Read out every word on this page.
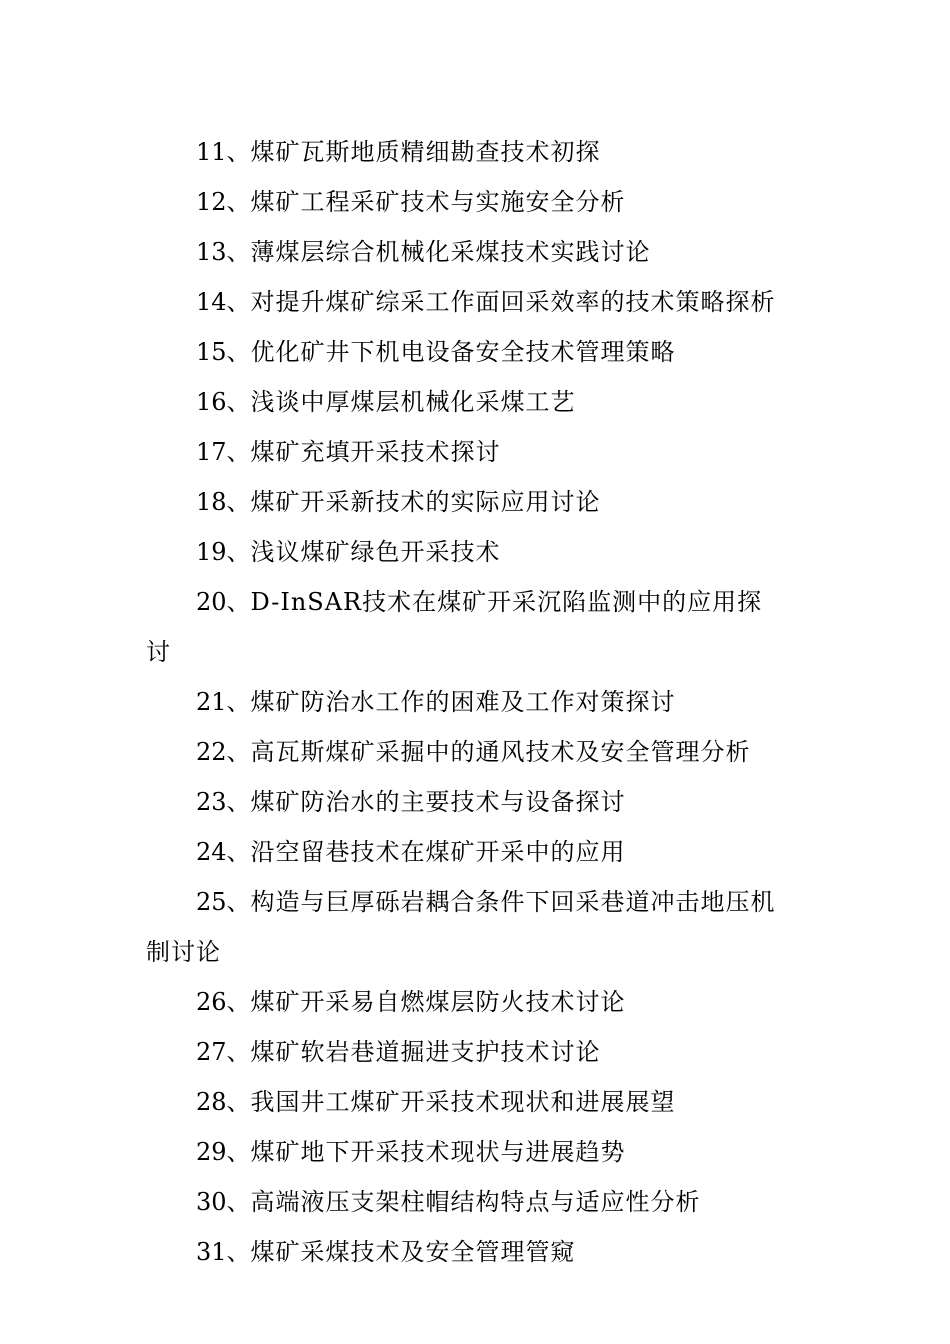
11、煤矿瓦斯地质精细勘查技术初探

12、煤矿工程采矿技术与实施安全分析

13、薄煤层综合机械化采煤技术实践讨论

14、对提升煤矿综采工作面回采效率的技术策略探析

15、优化矿井下机电设备安全技术管理策略

16、浅谈中厚煤层机械化采煤工艺

17、煤矿充填开采技术探讨

18、煤矿开采新技术的实际应用讨论

19、浅议煤矿绿色开采技术

20、D-InSAR技术在煤矿开采沉陷监测中的应用探讨

21、煤矿防治水工作的困难及工作对策探讨

22、高瓦斯煤矿采掘中的通风技术及安全管理分析

23、煤矿防治水的主要技术与设备探讨

24、沿空留巷技术在煤矿开采中的应用

25、构造与巨厚砾岩耦合条件下回采巷道冲击地压机制讨论

26、煤矿开采易自燃煤层防火技术讨论

27、煤矿软岩巷道掘进支护技术讨论

28、我国井工煤矿开采技术现状和进展展望

29、煤矿地下开采技术现状与进展趋势

30、高端液压支架柱帽结构特点与适应性分析

31、煤矿采煤技术及安全管理管窥
